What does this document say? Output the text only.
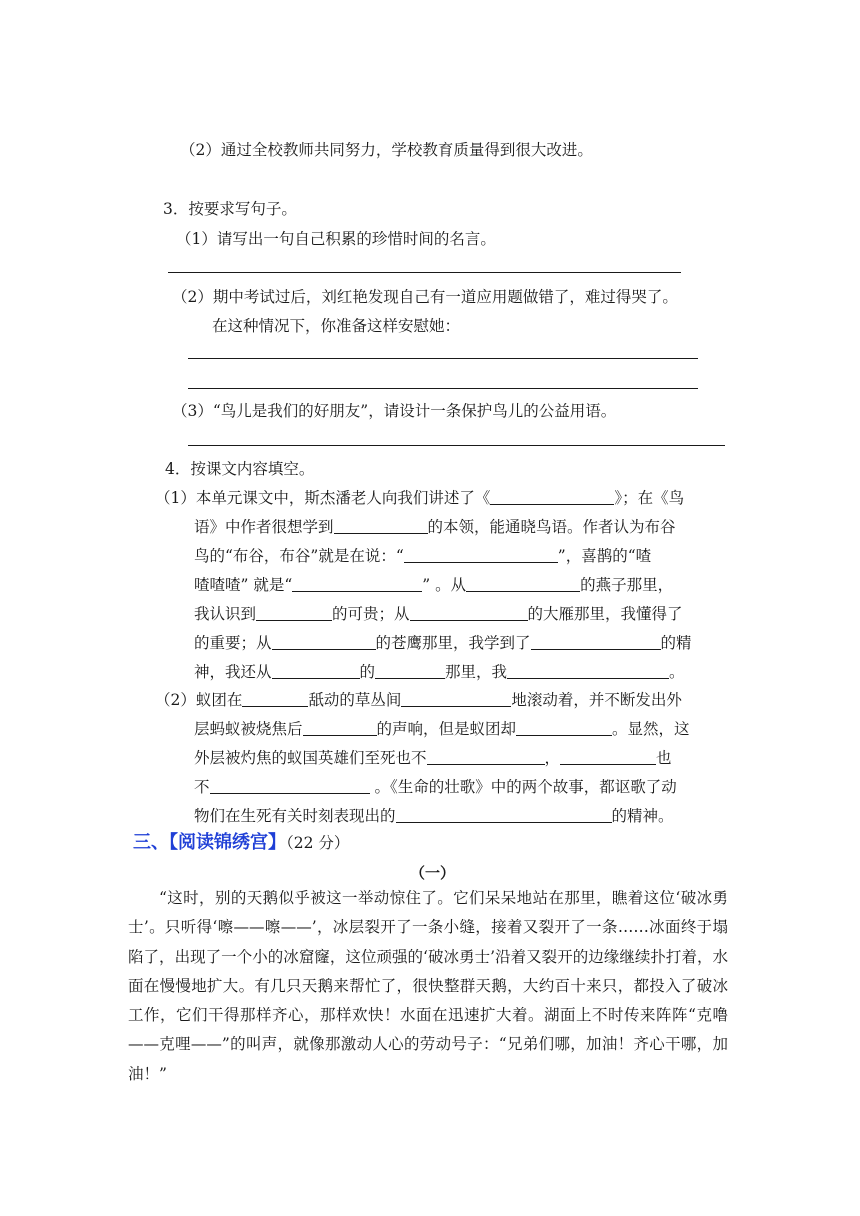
（2）通过全校教师共同努力，学校教育质量得到很大改进。
3．按要求写句子。
（1）请写出一句自己积累的珍惜时间的名言。
（2）期中考试过后，刘红艳发现自己有一道应用题做错了，难过得哭了。
在这种情况下，你准备这样安慰她：
（3）“鸟儿是我们的好朋友”，请设计一条保护鸟儿的公益用语。
4．按课文内容填空。
（1）本单元课文中，斯杰潘老人向我们讲述了《	》；在《鸟
语》中作者很想学到	的本领，能通晓鸟语。作者认为布谷
鸟的“布谷，布谷”就是在说：“	”，喜鹊的“喳
喳喳喳” 就是“	” 。从	的燕子那里，
我认识到	的可贵；从	的大雁那里，我懂得了
的重要；从	的苍鹰那里，我学到了	的精
神，我还从	的	那里，我	。
（2）蚁团在	舐动的草丛间	地滚动着，并不断发出外
层蚂蚁被烧焦后	的声响，但是蚁团却	。显然，这
外层被灼焦的蚁国英雄们至死也不	，	也
不	。《生命的壮歌》中的两个故事，都讴歌了动
物们在生死有关时刻表现出的	的精神。
三、【阅读锦绣宫】（22 分）
（一）
“这时，别的天鹅似乎被这一举动惊住了。它们呆呆地站在那里，瞧着这位‘破冰勇士’。只听得‘嚓——嚓——’，冰层裂开了一条小缝，接着又裂开了一条……冰面终于塌陷了，出现了一个小的冰窟窿，这位顽强的‘破冰勇士’沿着又裂开的边缘继续扑打着，水面在慢慢地扩大。有几只天鹅来帮忙了，很快整群天鹅，大约百十来只，都投入了破冰工作，它们干得那样齐心，那样欢快！水面在迅速扩大着。湖面上不时传来阵阵“克噜——克哩——”的叫声，就像那激动人心的劳动号子：“兄弟们哪，加油！齐心干哪，加油！”
